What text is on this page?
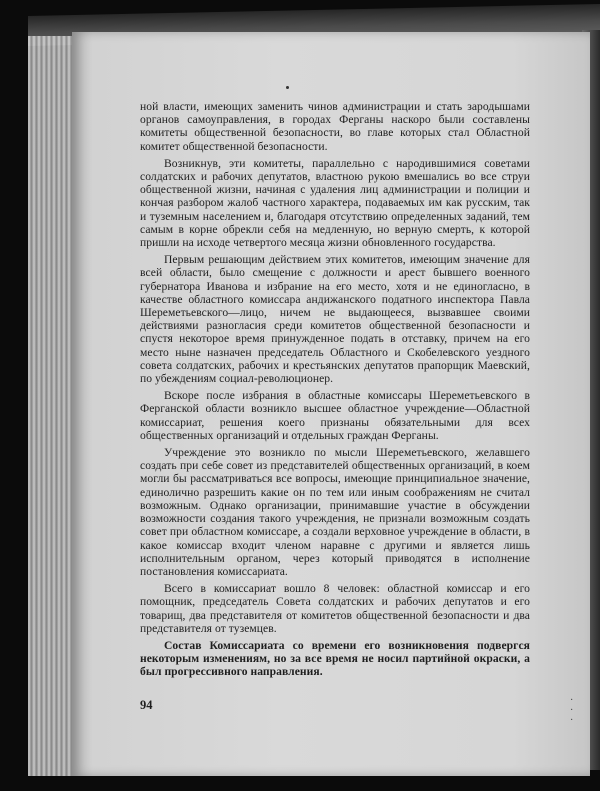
ной власти, имеющих заменить чинов администрации и стать зародышами органов самоуправления, в городах Ферганы наскоро были составлены комитеты общественной безопасности, во главе которых стал Областной комитет общественной безопасности.

Возникнув, эти комитеты, параллельно с народившимися советами солдатских и рабочих депутатов, властною рукою вмешались во все струи общественной жизни, начиная с удаления лиц администрации и полиции и кончая разбором жалоб частного характера, подаваемых им как русским, так и туземным населением и, благодаря отсутствию определенных заданий, тем самым в корне обрекли себя на медленную, но верную смерть, к которой пришли на исходе четвертого месяца жизни обновленного государства.

Первым решающим действием этих комитетов, имеющим значение для всей области, было смещение с должности и арест бывшего военного губернатора Иванова и избрание на его место, хотя и не единогласно, в качестве областного комиссара андижанского податного инспектора Павла Шереметьевского—лицо, ничем не выдающееся, вызвавшее своими действиями разногласия среди комитетов общественной безопасности и спустя некоторое время принужденное подать в отставку, причем на его место ныне назначен председатель Областного и Скобелевского уездного совета солдатских, рабочих и крестьянских депутатов прапорщик Маевский, по убеждениям социал-революционер.

Вскоре после избрания в областные комиссары Шереметьевского в Ферганской области возникло высшее областное учреждение—Областной комиссариат, решения коего признаны обязательными для всех общественных организаций и отдельных граждан Ферганы.

Учреждение это возникло по мысли Шереметьевского, желавшего создать при себе совет из представителей общественных организаций, в коем могли бы рассматриваться все вопросы, имеющие принципиальное значение, единолично разрешить какие он по тем или иным соображениям не считал возможным. Однако организации, принимавшие участие в обсуждении возможности создания такого учреждения, не признали возможным создать совет при областном комиссаре, а создали верховное учреждение в области, в какое комиссар входит членом наравне с другими и является лишь исполнительным органом, через который приводятся в исполнение постановления комиссариата.

Всего в комиссариат вошло 8 человек: областной комиссар и его помощник, председатель Совета солдатских и рабочих депутатов и его товарищ, два представителя от комитетов общественной безопасности и два представителя от туземцев.

Состав Комиссариата со времени его возникновения подвергся некоторым изменениям, но за все время не носил партийной окраски, а был прогрессивного направления.

94	·
·
·
